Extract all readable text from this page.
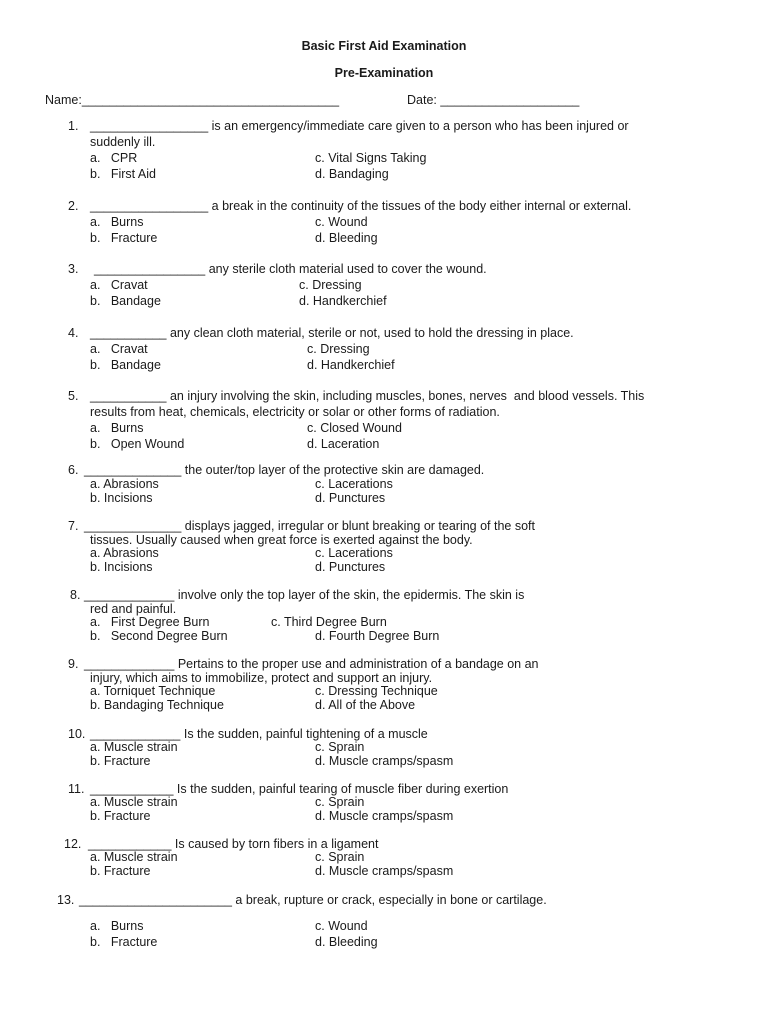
Basic First Aid Examination
Pre-Examination
Name:_____________________________________	Date: ____________________
1. _________________ is an emergency/immediate care given to a person who has been injured or
suddenly ill.
a.   CPR	c. Vital Signs Taking
b.   First Aid	d. Bandaging
2. _________________ a break in the continuity of the tissues of the body either internal or external.
a.   Burns	c. Wound
b.   Fracture	d. Bleeding
3. ________________ any sterile cloth material used to cover the wound.
a.   Cravat	c. Dressing
b.   Bandage	d. Handkerchief
4. ___________ any clean cloth material, sterile or not, used to hold the dressing in place.
a.   Cravat	c. Dressing
b.   Bandage	d. Handkerchief
5. ___________ an injury involving the skin, including muscles, bones, nerves  and blood vessels. This
results from heat, chemicals, electricity or solar or other forms of radiation.
a.   Burns	c. Closed Wound
b.   Open Wound	d. Laceration
6. ______________ the outer/top layer of the protective skin are damaged.
a. Abrasions	c. Lacerations
b. Incisions	d. Punctures
7. ______________ displays jagged, irregular or blunt breaking or tearing of the soft
tissues. Usually caused when great force is exerted against the body.
a. Abrasions	c. Lacerations
b. Incisions	d. Punctures
8. _____________ involve only the top layer of the skin, the epidermis. The skin is
red and painful.
a.   First Degree Burn	c. Third Degree Burn
b.   Second Degree Burn	d. Fourth Degree Burn
9. _____________ Pertains to the proper use and administration of a bandage on an
injury, which aims to immobilize, protect and support an injury.
a. Torniquet Technique	c. Dressing Technique
b. Bandaging Technique	d. All of the Above
10. _____________ Is the sudden, painful tightening of a muscle
a. Muscle strain	c. Sprain
b. Fracture	d. Muscle cramps/spasm
11. ____________ Is the sudden, painful tearing of muscle fiber during exertion
a. Muscle strain	c. Sprain
b. Fracture	d. Muscle cramps/spasm
12. ____________ Is caused by torn fibers in a ligament
a. Muscle strain	c. Sprain
b. Fracture	d. Muscle cramps/spasm
13. ______________________ a break, rupture or crack, especially in bone or cartilage.
a.   Burns	c. Wound
b.   Fracture	d. Bleeding
